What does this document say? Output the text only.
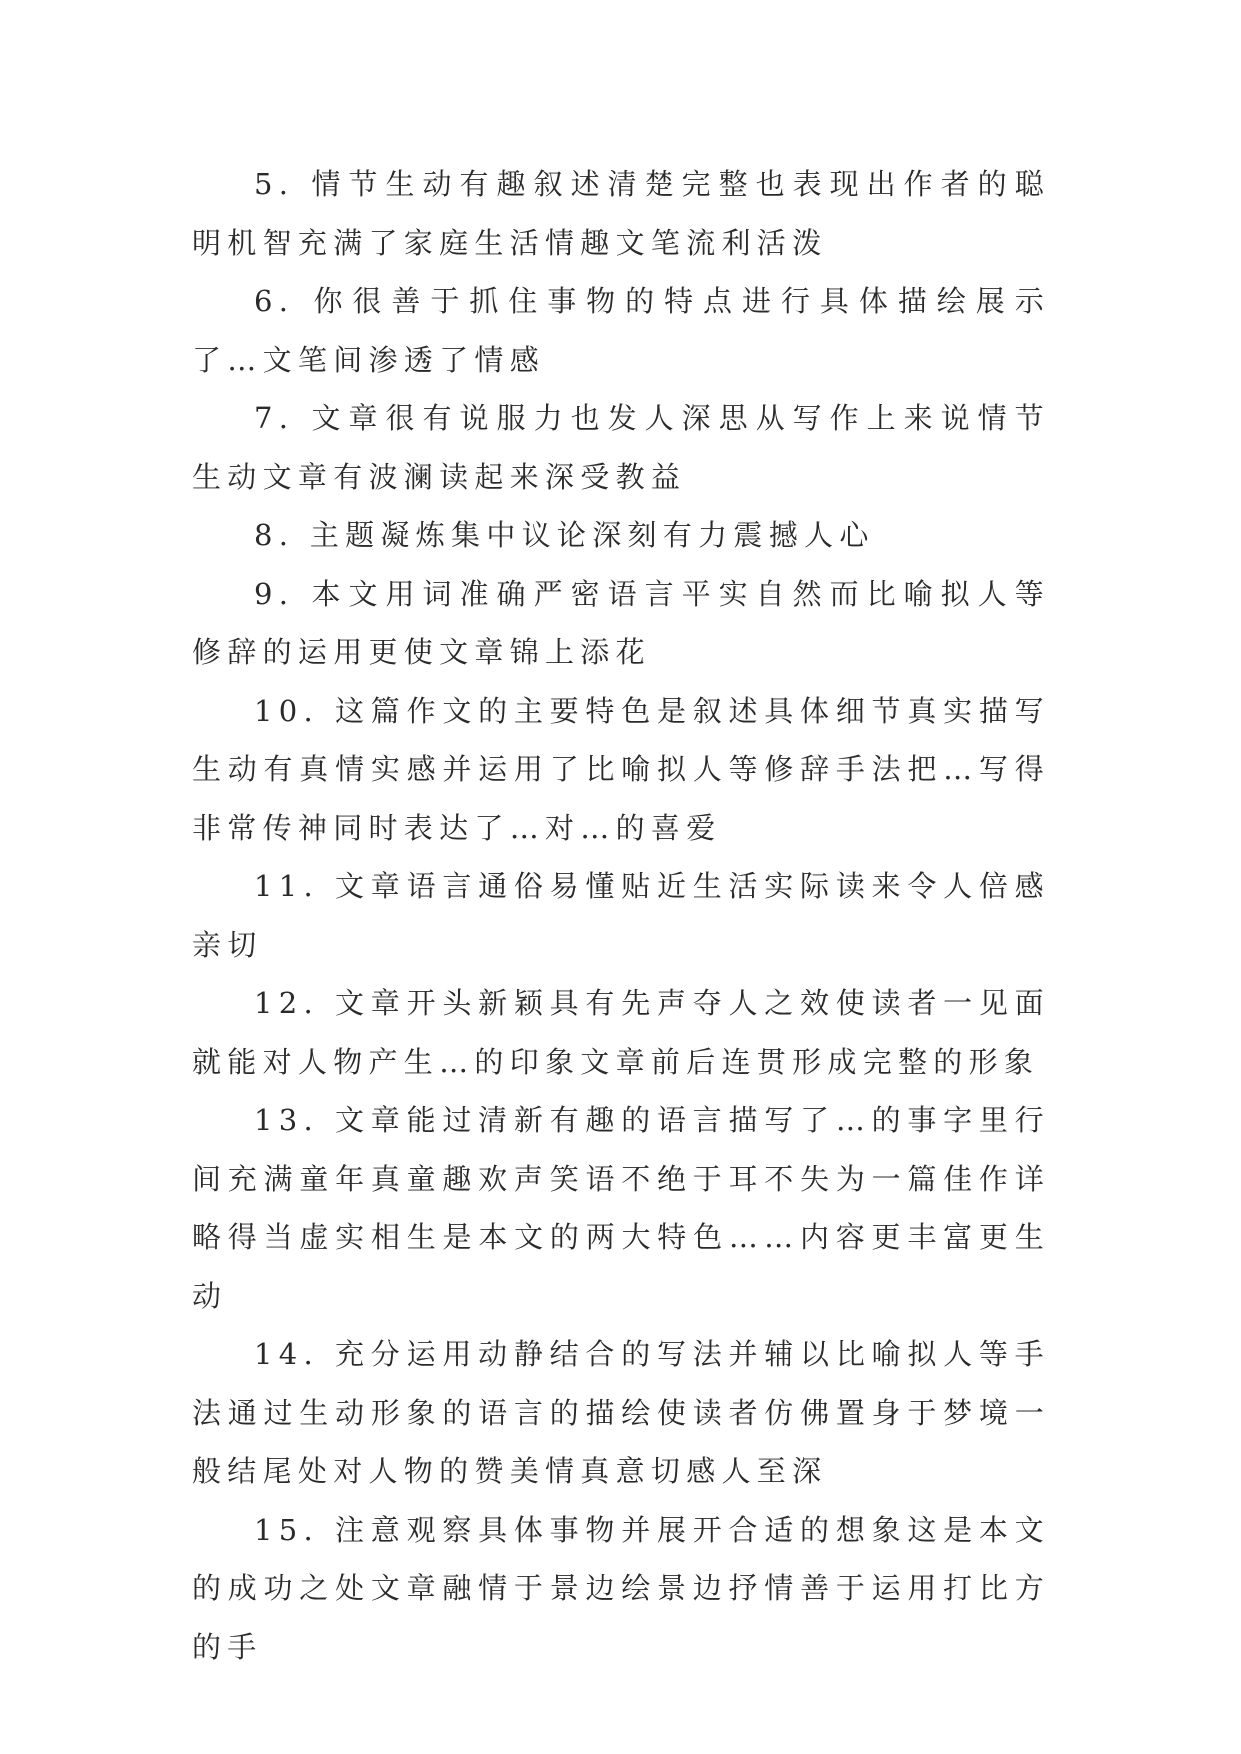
5. 情节生动有趣叙述清楚完整也表现出作者的聪明机智充满了家庭生活情趣文笔流利活泼

6. 你很善于抓住事物的特点进行具体描绘展示了…文笔间渗透了情感

7. 文章很有说服力也发人深思从写作上来说情节生动文章有波澜读起来深受教益

8. 主题凝炼集中议论深刻有力震撼人心

9. 本文用词准确严密语言平实自然而比喻拟人等修辞的运用更使文章锦上添花

10. 这篇作文的主要特色是叙述具体细节真实描写生动有真情实感并运用了比喻拟人等修辞手法把…写得非常传神同时表达了…对…的喜爱

11. 文章语言通俗易懂贴近生活实际读来令人倍感亲切

12. 文章开头新颖具有先声夺人之效使读者一见面就能对人物产生…的印象文章前后连贯形成完整的形象

13. 文章能过清新有趣的语言描写了…的事字里行间充满童年真童趣欢声笑语不绝于耳不失为一篇佳作详略得当虚实相生是本文的两大特色……内容更丰富更生动

14. 充分运用动静结合的写法并辅以比喻拟人等手法通过生动形象的语言的描绘使读者仿佛置身于梦境一般结尾处对人物的赞美情真意切感人至深

15. 注意观察具体事物并展开合适的想象这是本文的成功之处文章融情于景边绘景边抒情善于运用打比方的手
